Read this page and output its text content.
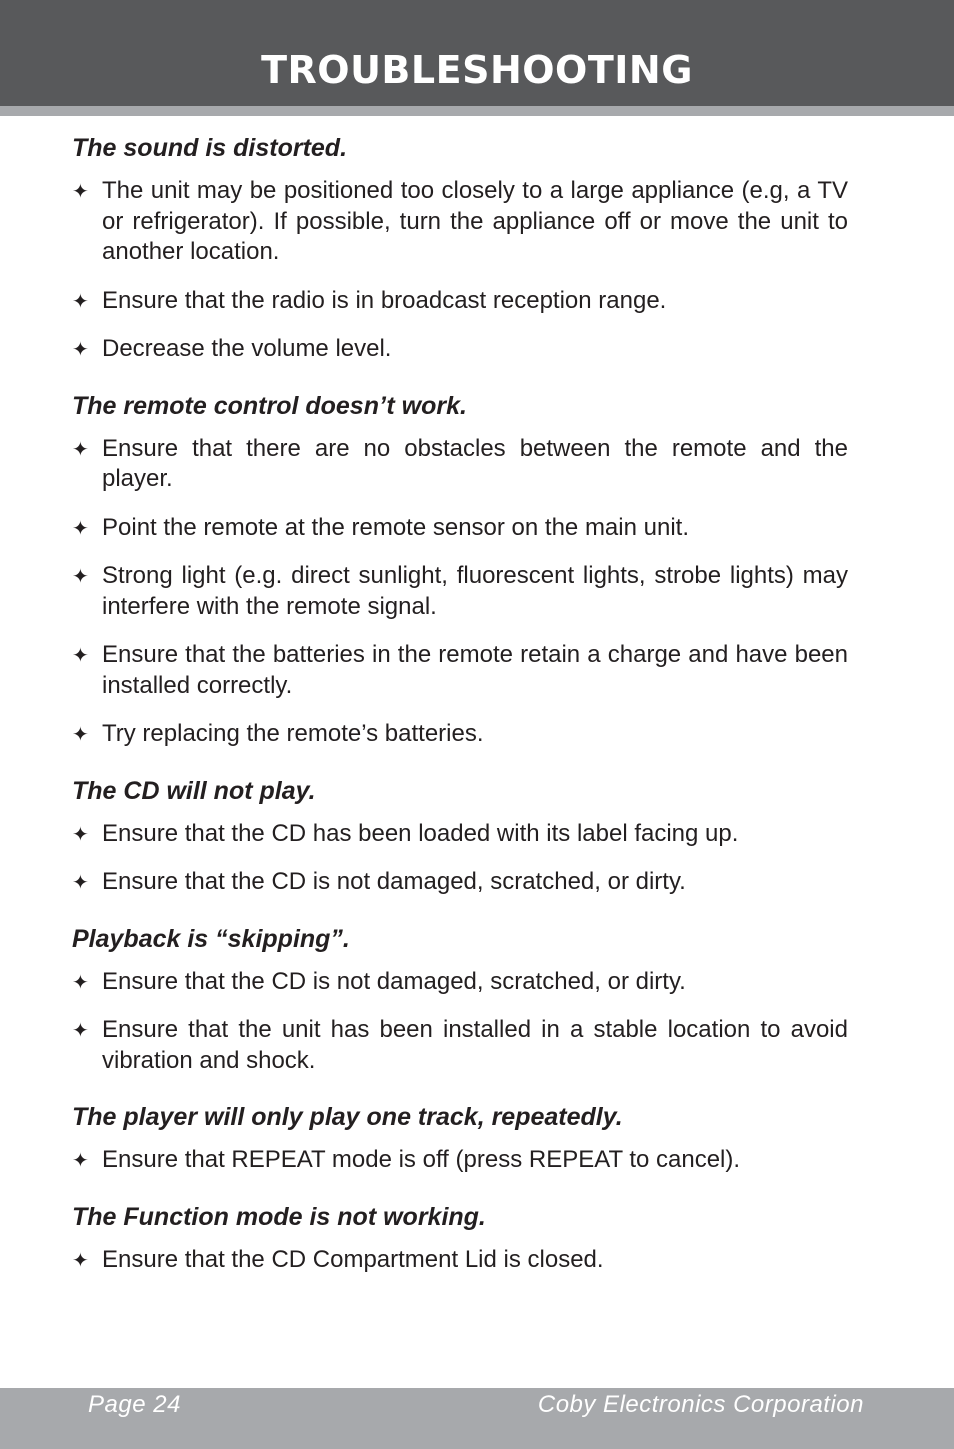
TROUBLESHOOTING
The sound is distorted.
✦ The unit may be positioned too closely to a large appliance (e.g, a TV or refrigerator). If possible, turn the appliance off or move the unit to another location.
✦ Ensure that the radio is in broadcast reception range.
✦ Decrease the volume level.
The remote control doesn’t work.
✦ Ensure that there are no obstacles between the remote and the player.
✦ Point the remote at the remote sensor on the main unit.
✦ Strong light (e.g. direct sunlight, fluorescent lights, strobe lights) may interfere with the remote signal.
✦ Ensure that the batteries in the remote retain a charge and have been installed correctly.
✦ Try replacing the remote’s batteries.
The CD will not play.
✦ Ensure that the CD has been loaded with its label facing up.
✦ Ensure that the CD is not damaged, scratched, or dirty.
Playback is “skipping”.
✦ Ensure that the CD is not damaged, scratched, or dirty.
✦ Ensure that the unit has been installed in a stable location to avoid vibration and shock.
The player will only play one track, repeatedly.
✦ Ensure that REPEAT mode is off (press REPEAT to cancel).
The Function mode is not working.
✦ Ensure that the CD Compartment Lid is closed.
Page 24	Coby Electronics Corporation
